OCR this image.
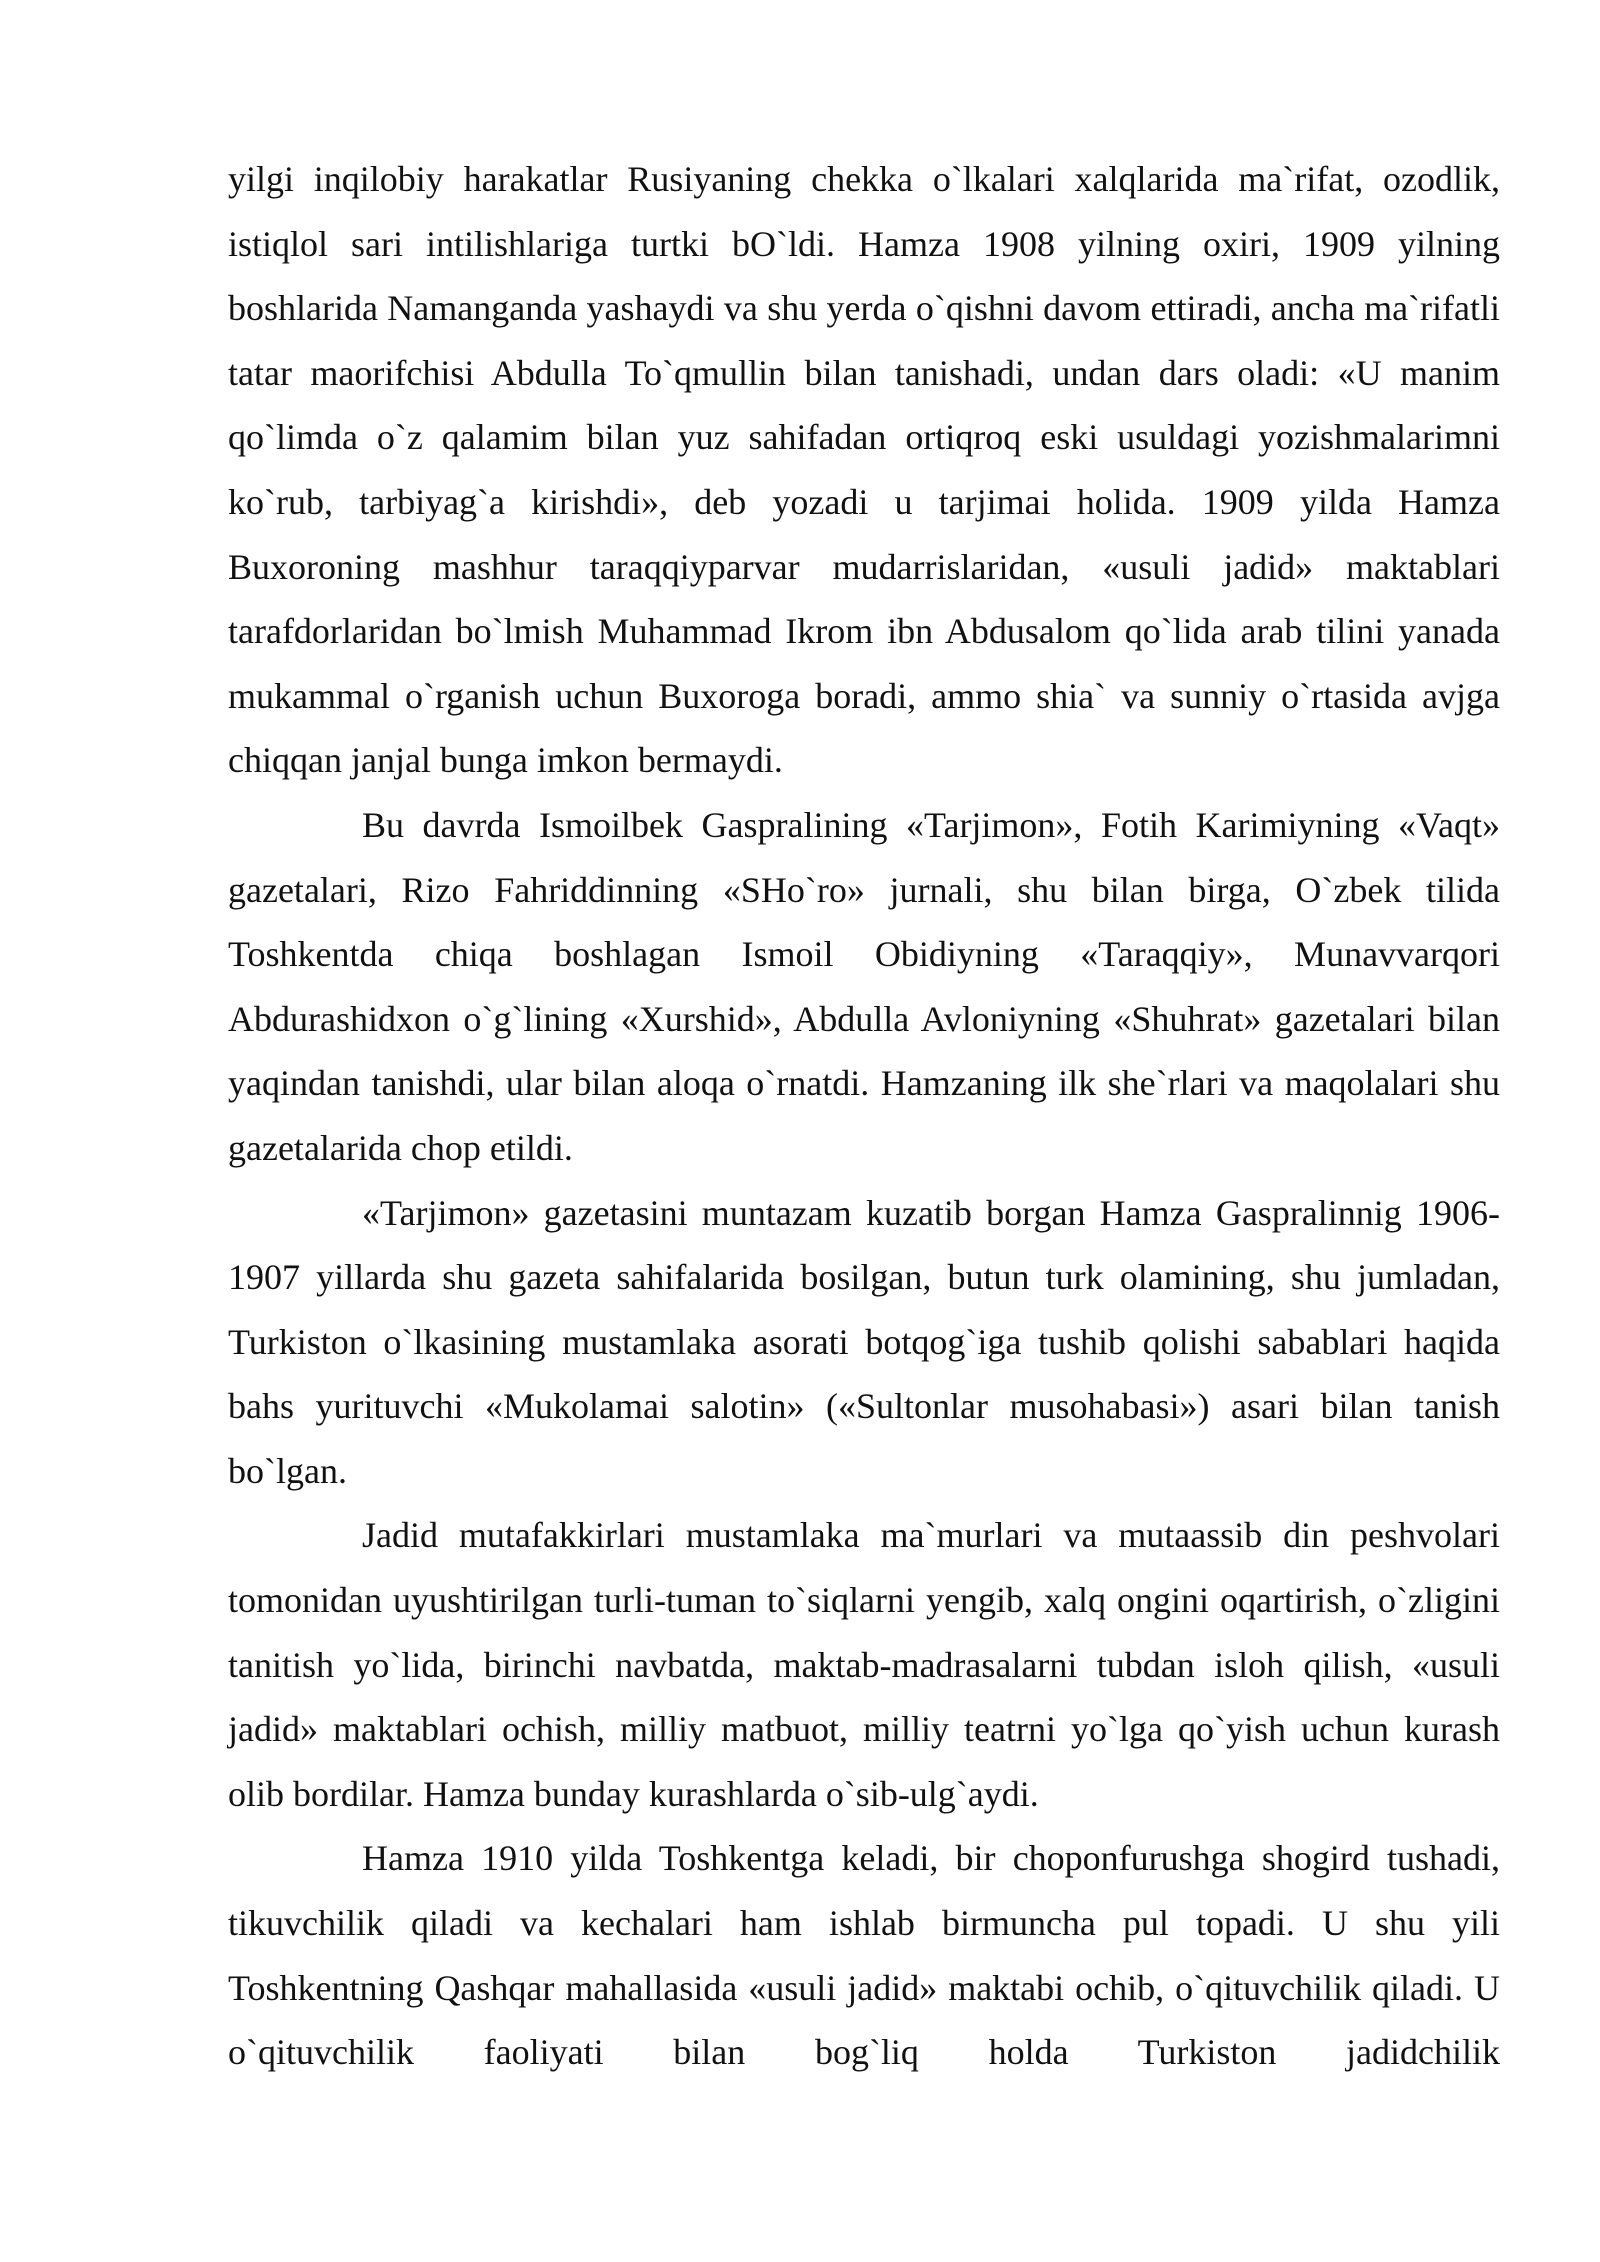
yilgi inqilobiy harakatlar Rusiyaning chekka o`lkalari xalqlarida ma`rifat, ozodlik, istiqlol sari intilishlariga turtki bO`ldi. Hamza 1908 yilning oxiri, 1909 yilning boshlarida Namanganda yashaydi va shu yerda o`qishni davom ettiradi, ancha ma`rifatli tatar maorifchisi Abdulla To`qmullin bilan tanishadi, undan dars oladi: «U manim qo`limda o`z qalamim bilan yuz sahifadan ortiqroq eski usuldagi yozishmalarimni ko`rub, tarbiyag`a kirishdi», deb yozadi u tarjimai holida. 1909 yilda Hamza Buxoroning mashhur taraqqiyparvar mudarrislaridan, «usuli jadid» maktablari tarafdorlaridan bo`lmish Muhammad Ikrom ibn Abdusalom qo`lida arab tilini yanada mukammal o`rganish uchun Buxoroga boradi, ammo shia` va sunniy o`rtasida avjga chiqqan janjal bunga imkon bermaydi.

Bu davrda Ismoilbek Gaspralining «Tarjimon», Fotih Karimiyning «Vaqt» gazetalari, Rizo Fahriddinning «SHo`ro» jurnali, shu bilan birga, O`zbek tilida Toshkentda chiqa boshlagan Ismoil Obidiyning «Taraqqiy», Munavvarqori Abdurashidxon o`g`lining «Xurshid», Abdulla Avloniyning «Shuhrat» gazetalari bilan yaqindan tanishdi, ular bilan aloqa o`rnatdi. Hamzaning ilk she`rlari va maqolalari shu gazetalarida chop etildi.

«Tarjimon» gazetasini muntazam kuzatib borgan Hamza Gaspralinnig 1906-1907 yillarda shu gazeta sahifalarida bosilgan, butun turk olamining, shu jumladan, Turkiston o`lkasining mustamlaka asorati botqog`iga tushib qolishi sabablari haqida bahs yurituvchi «Mukolamai salotin» («Sultonlar musohabasi») asari bilan tanish bo`lgan.

Jadid mutafakkirlari mustamlaka ma`murlari va mutaassib din peshvolari tomonidan uyushtirilgan turli-tuman to`siqlarni yengib, xalq ongini oqartirish, o`zligini tanitish yo`lida, birinchi navbatda, maktab-madrasalarni tubdan isloh qilish, «usuli jadid» maktablari ochish, milliy matbuot, milliy teatrni yo`lga qo`yish uchun kurash olib bordilar. Hamza bunday kurashlarda o`sib-ulg`aydi.

Hamza 1910 yilda Toshkentga keladi, bir choponfurushga shogird tushadi, tikuvchilik qiladi va kechalari ham ishlab birmuncha pul topadi. U shu yili Toshkentning Qashqar mahallasida «usuli jadid» maktabi ochib, o`qituvchilik qiladi. U o`qituvchilik faoliyati bilan bog`liq holda Turkiston jadidchilik
